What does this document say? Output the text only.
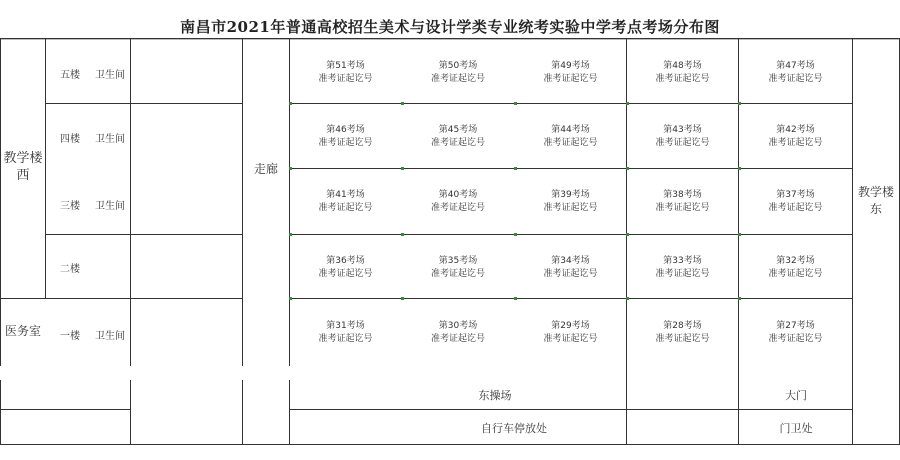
南昌市2021年普通高校招生美术与设计学类专业统考实验中学考点考场分布图
教学楼西
医务室
五楼 卫生间
四楼 卫生间
三楼 卫生间
二楼
一楼 卫生间
走廊
教学楼东
第51考场
准考证起讫号
第50考场
准考证起讫号
第49考场
准考证起讫号
第48考场
准考证起讫号
第47考场
准考证起讫号
第46考场
准考证起讫号
第45考场
准考证起讫号
第44考场
准考证起讫号
第43考场
准考证起讫号
第42考场
准考证起讫号
第41考场
准考证起讫号
第40考场
准考证起讫号
第39考场
准考证起讫号
第38考场
准考证起讫号
第37考场
准考证起讫号
第36考场
准考证起讫号
第35考场
准考证起讫号
第34考场
准考证起讫号
第33考场
准考证起讫号
第32考场
准考证起讫号
第31考场
准考证起讫号
第30考场
准考证起讫号
第29考场
准考证起讫号
第28考场
准考证起讫号
第27考场
准考证起讫号
东操场	大门
自行车停放处	门卫处
